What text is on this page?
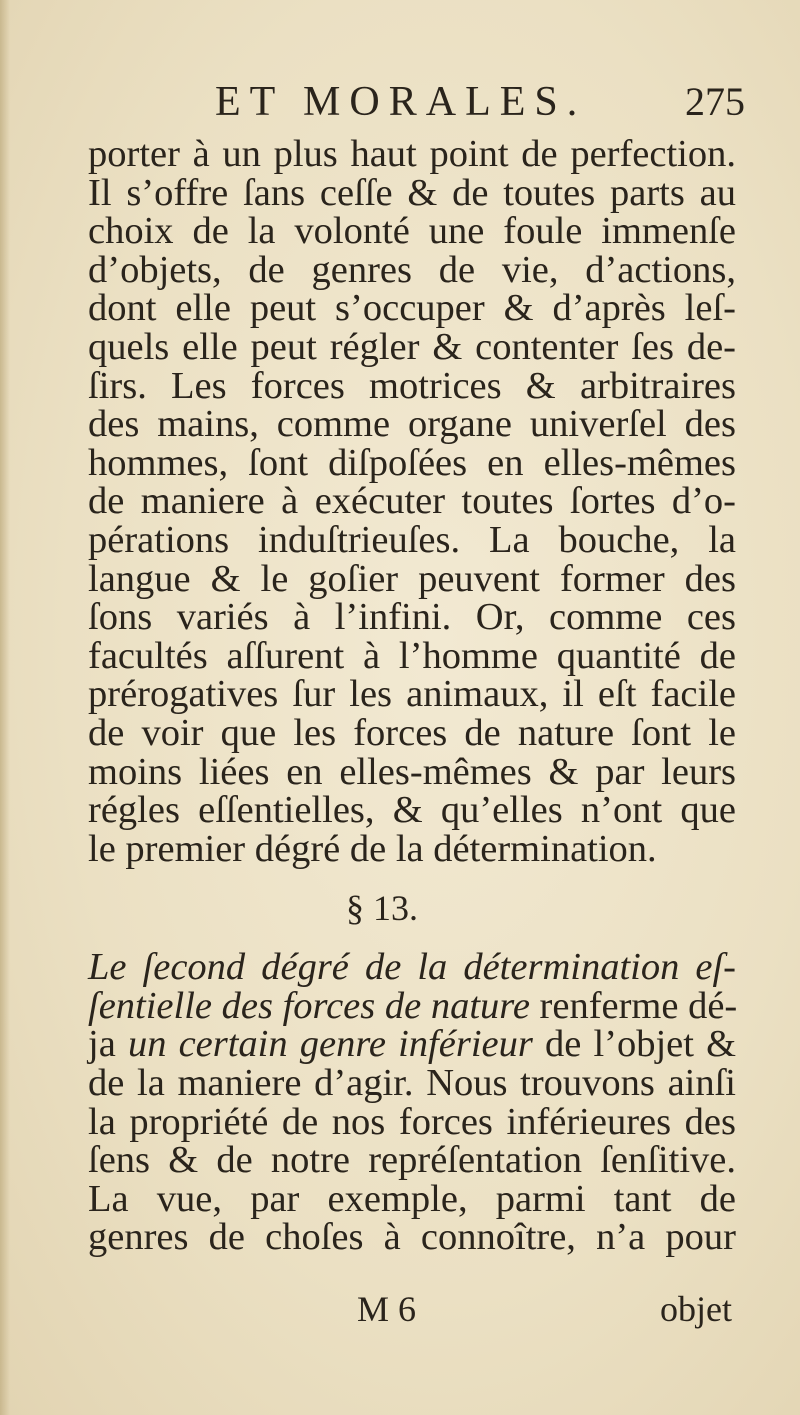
ET MORALES. 275
porter à un plus haut point de perfection.
Il s’offre ſans ceſſe & de toutes parts au
choix de la volonté une foule immenſe
d’objets, de genres de vie, d’actions,
dont elle peut s’occuper & d’après leſ-
quels elle peut régler & contenter ſes de-
ſirs. Les forces motrices & arbitraires
des mains, comme organe univerſel des
hommes, ſont diſpoſées en elles-mêmes
de maniere à exécuter toutes ſortes d’o-
pérations induſtrieuſes. La bouche, la
langue & le goſier peuvent former des
ſons variés à l’infini. Or, comme ces
facultés aſſurent à l’homme quantité de
prérogatives ſur les animaux, il eſt facile
de voir que les forces de nature ſont le
moins liées en elles-mêmes & par leurs
régles eſſentielles, & qu’elles n’ont que
le premier dégré de la détermination.
§ 13.
Le ſecond dégré de la détermination eſ-
ſentielle des forces de nature renferme dé-
ja un certain genre inférieur de l’objet &
de la maniere d’agir. Nous trouvons ainſi
la propriété de nos forces inférieures des
ſens & de notre repréſentation ſenſitive.
La vue, par exemple, parmi tant de
genres de choſes à connoître, n’a pour
M 6	objet
